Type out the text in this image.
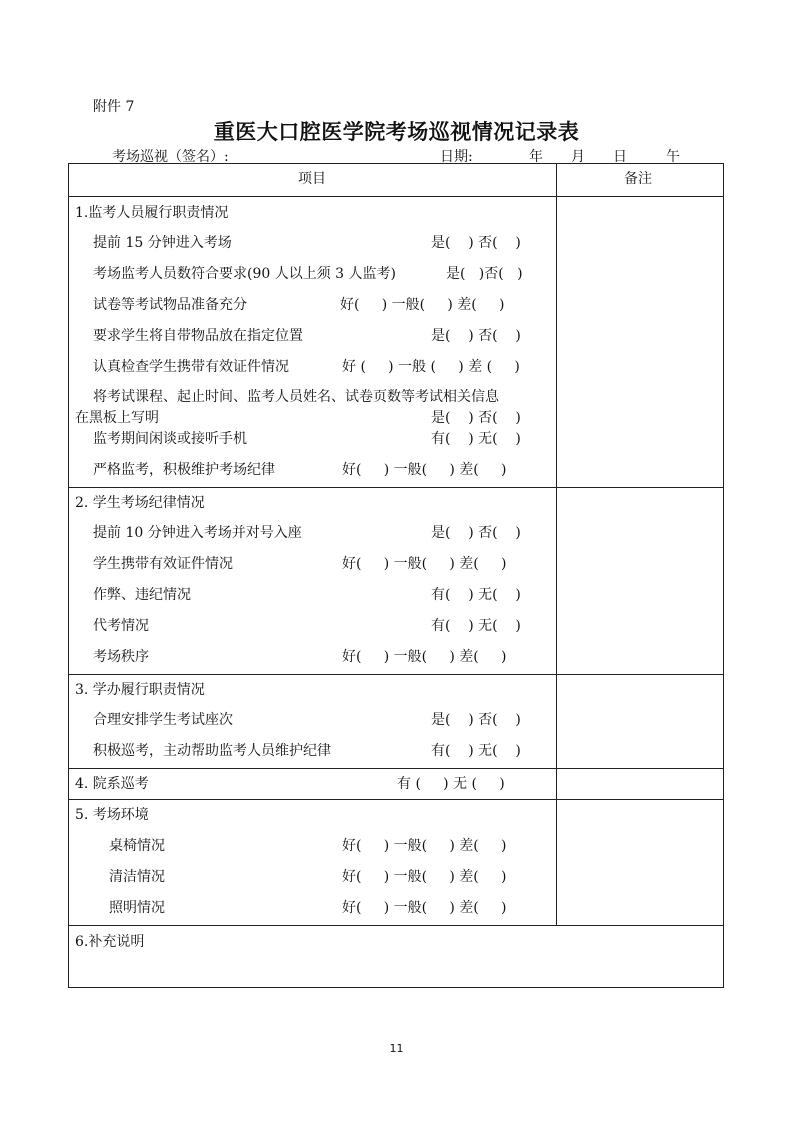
附件 7
重医大口腔医学院考场巡视情况记录表
考场巡视（签名）:	日期:	年 月 日	午
项目	备注
1.监考人员履行职责情况
提前 15 分钟进入考场	是(    ) 否(    )
考场监考人员数符合要求(90 人以上须 3 人监考)	是(   )否(   )
试卷等考试物品准备充分	好(     ) 一般(     ) 差(     )
要求学生将自带物品放在指定位置	是(    ) 否(    )
认真检查学生携带有效证件情况	好 (     ) 一般 (     ) 差 (     )
将考试课程、起止时间、监考人员姓名、试卷页数等考试相关信息
在黑板上写明	是(    ) 否(    )
监考期间闲谈或接听手机	有(    ) 无(    )
严格监考，积极维护考场纪律	好(     ) 一般(     ) 差(     )
2. 学生考场纪律情况
提前 10 分钟进入考场并对号入座	是(    ) 否(    )
学生携带有效证件情况	好(     ) 一般(     ) 差(     )
作弊、违纪情况	有(    ) 无(    )
代考情况	有(    ) 无(    )
考场秩序	好(     ) 一般(     ) 差(     )
3. 学办履行职责情况
合理安排学生考试座次	是(    ) 否(    )
积极巡考，主动帮助监考人员维护纪律	有(    ) 无(    )
4. 院系巡考	有 (     ) 无 (     )
5. 考场环境
桌椅情况	好(     ) 一般(     ) 差(     )
清洁情况	好(     ) 一般(     ) 差(     )
照明情况	好(     ) 一般(     ) 差(     )
6.补充说明
11
